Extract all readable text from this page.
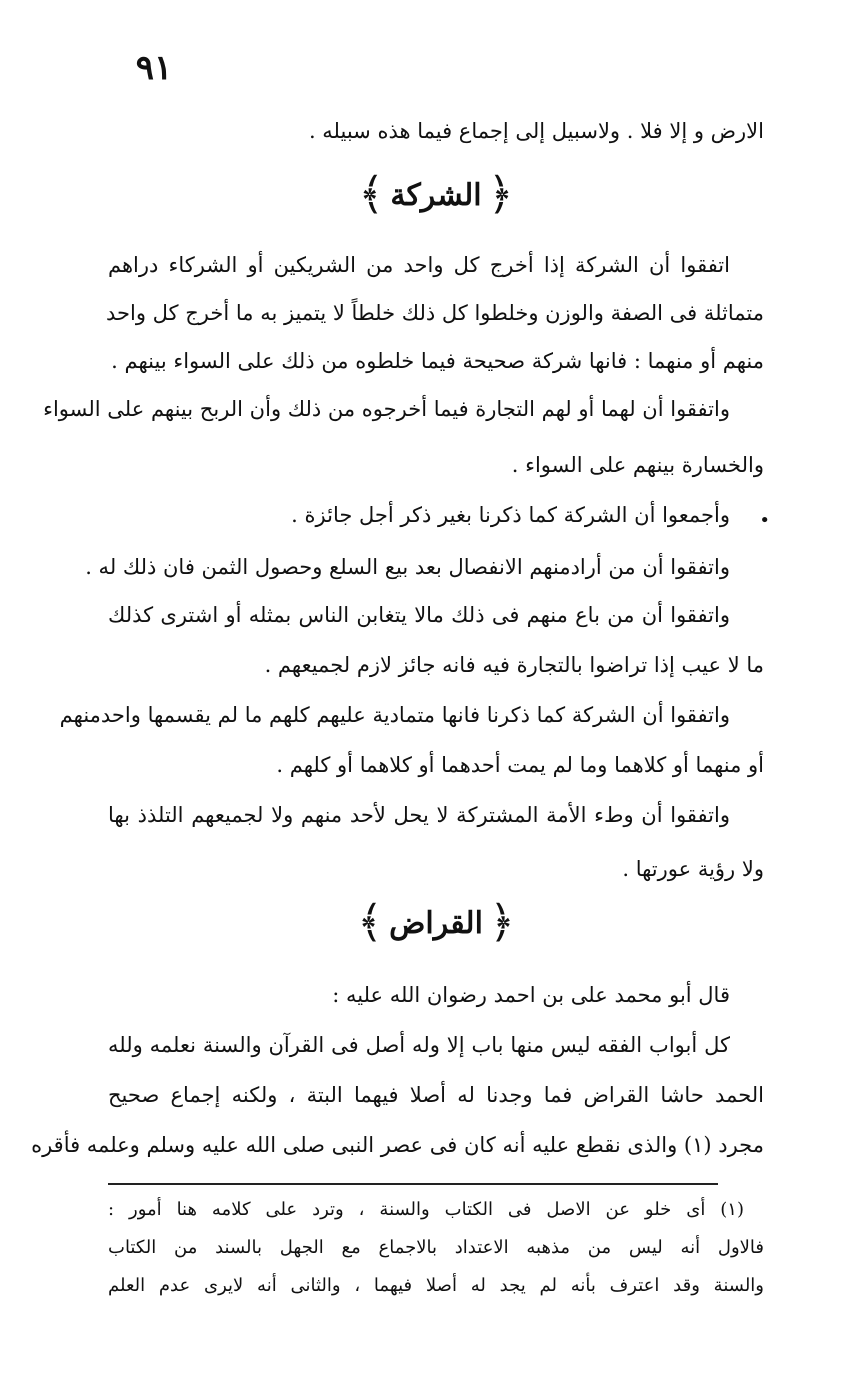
٩١
الارض و إلا فلا . ولاسبيل إلى إجماع فيما هذه سبيله .
﴿
الشركة
﴾
اتفقوا أن الشركة إذا أخرج كل واحد من الشريكين أو الشركاء دراهم
متماثلة فى الصفة والوزن وخلطوا كل ذلك خلطاً لا يتميز به ما أخرج كل واحد
منهم أو منهما : فانها شركة صحيحة فيما خلطوه من ذلك على السواء بينهم .
واتفقوا أن لهما أو لهم التجارة فيما أخرجوه من ذلك وأن الربح بينهم على السواء
والخسارة بينهم على السواء .
•
وأجمعوا أن الشركة كما ذكرنا بغير ذكر أجل جائزة .
واتفقوا أن من أرادمنهم الانفصال بعد بيع السلع وحصول الثمن فان ذلك له .
واتفقوا أن من باع منهم فى ذلك مالا يتغابن الناس بمثله أو اشترى كذلك
ما لا عيب إذا تراضوا بالتجارة فيه فانه جائز لازم لجميعهم .
واتفقوا أن الشركة كما ذكرنا فانها متمادية عليهم كلهم ما لم يقسمها واحدمنهم
أو منهما أو كلاهما وما لم يمت أحدهما أو كلاهما أو كلهم .
واتفقوا أن وطء الأمة المشتركة لا يحل لأحد منهم ولا لجميعهم التلذذ بها
ولا رؤية عورتها .
﴿
القراض
﴾
قال أبو محمد على بن احمد رضوان الله عليه :
كل أبواب الفقه ليس منها باب إلا وله أصل فى القرآن والسنة نعلمه ولله
الحمد حاشا القراض فما وجدنا له أصلا فيهما البتة ، ولكنه إجماع صحيح
مجرد (١) والذى نقطع عليه أنه كان فى عصر النبى صلى الله عليه وسلم وعلمه فأقره
(١) أى خلو عن الاصل فى الكتاب والسنة ، وترد على كلامه هنا أمور :
فالاول أنه ليس من مذهبه الاعتداد بالاجماع مع الجهل بالسند من الكتاب
والسنة وقد اعترف بأنه لم يجد له أصلا فيهما ، والثانى أنه لايرى عدم العلم
